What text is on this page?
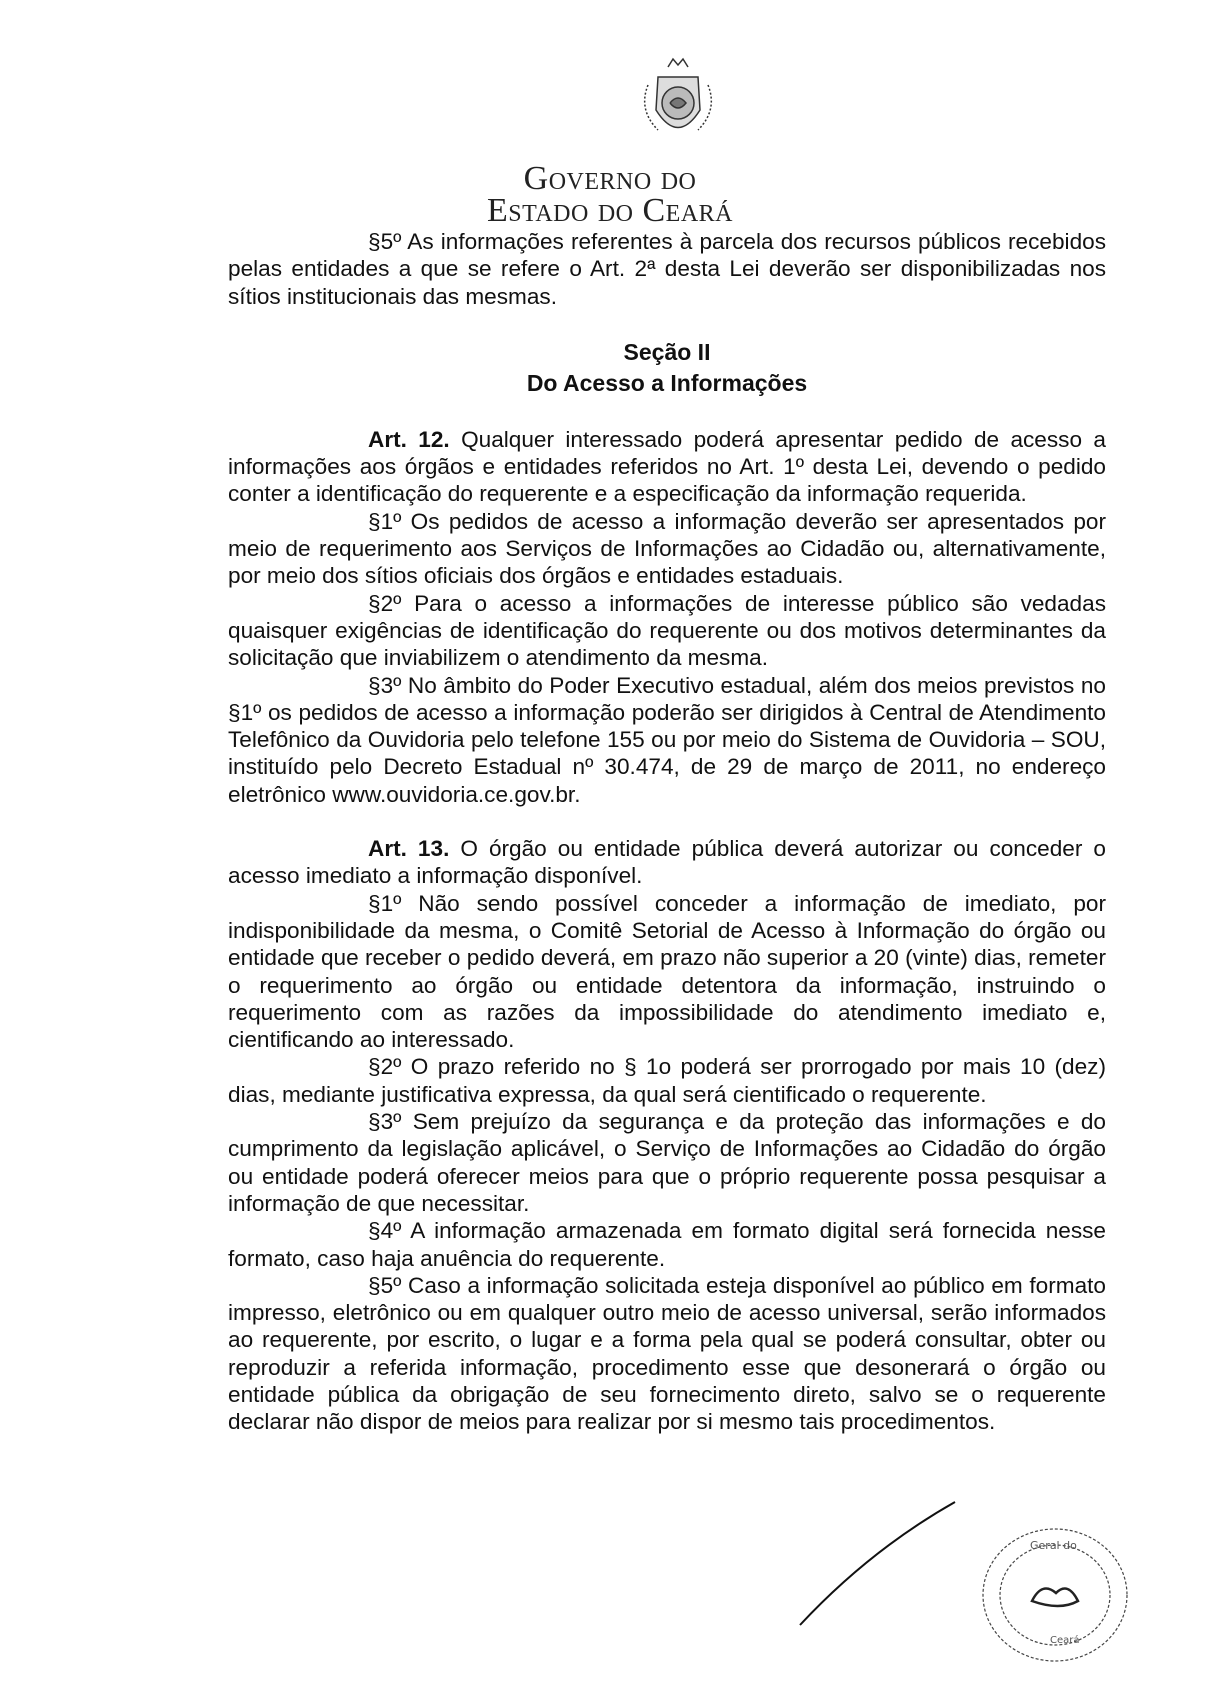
Governo do
Estado do Ceará

§5º As informações referentes à parcela dos recursos públicos recebidos pelas entidades a que se refere o Art. 2ª desta Lei deverão ser disponibilizadas nos sítios institucionais das mesmas.

Seção II

Do Acesso a Informações

Art. 12. Qualquer interessado poderá apresentar pedido de acesso a informações aos órgãos e entidades referidos no Art. 1º desta Lei, devendo o pedido conter a identificação do requerente e a especificação da informação requerida.

§1º Os pedidos de acesso a informação deverão ser apresentados por meio de requerimento aos Serviços de Informações ao Cidadão ou, alternativamente, por meio dos sítios oficiais dos órgãos e entidades estaduais.

§2º Para o acesso a informações de interesse público são vedadas quaisquer exigências de identificação do requerente ou dos motivos determinantes da solicitação que inviabilizem o atendimento da mesma.

§3º No âmbito do Poder Executivo estadual, além dos meios previstos no §1º os pedidos de acesso a informação poderão ser dirigidos à Central de Atendimento Telefônico da Ouvidoria pelo telefone 155 ou por meio do Sistema de Ouvidoria – SOU, instituído pelo Decreto Estadual nº 30.474, de 29 de março de 2011, no endereço eletrônico www.ouvidoria.ce.gov.br.

Art. 13. O órgão ou entidade pública deverá autorizar ou conceder o acesso imediato a informação disponível.

§1º Não sendo possível conceder a informação de imediato, por indisponibilidade da mesma, o Comitê Setorial de Acesso à Informação do órgão ou entidade que receber o pedido deverá, em prazo não superior a 20 (vinte) dias, remeter o requerimento ao órgão ou entidade detentora da informação, instruindo o requerimento com as razões da impossibilidade do atendimento imediato e, cientificando ao interessado.

§2º O prazo referido no § 1o poderá ser prorrogado por mais 10 (dez) dias, mediante justificativa expressa, da qual será cientificado o requerente.

§3º Sem prejuízo da segurança e da proteção das informações e do cumprimento da legislação aplicável, o Serviço de Informações ao Cidadão do órgão ou entidade poderá oferecer meios para que o próprio requerente possa pesquisar a informação de que necessitar.

§4º A informação armazenada em formato digital será fornecida nesse formato, caso haja anuência do requerente.

§5º Caso a informação solicitada esteja disponível ao público em formato impresso, eletrônico ou em qualquer outro meio de acesso universal, serão informados ao requerente, por escrito, o lugar e a forma pela qual se poderá consultar, obter ou reproduzir a referida informação, procedimento esse que desonerará o órgão ou entidade pública da obrigação de seu fornecimento direto, salvo se o requerente declarar não dispor de meios para realizar por si mesmo tais procedimentos.

Geral do
Ceará
